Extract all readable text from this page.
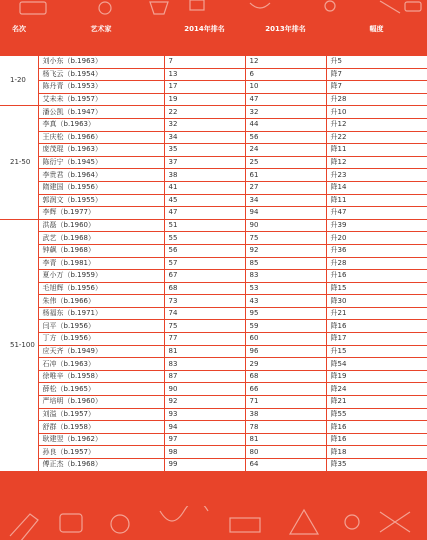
名次	艺术家	2014年排名	2013年排名	幅度

1-20	刘小东（b.1963）	7	12	升5
	杨飞云（b.1954）	13	6	降7
	陈丹青（b.1953）	17	10	降7
	艾未未（b.1957）	19	47	升28
21-50	潘公凯（b.1947）	22	32	升10
	李真（b.1963）	32	44	升12
	王庆松（b.1966）	34	56	升22
	庞茂琨（b.1963）	35	24	降11
	陈衍宁（b.1945）	37	25	降12
	李贵君（b.1964）	38	61	升23
	隋建国（b.1956）	41	27	降14
	郭润文（b.1955）	45	34	降11
	李辉（b.1977）	47	94	升47
51-100	洪磊（b.1960）	51	90	升39
	武艺（b.1968）	55	75	升20
	钟飙（b.1968）	56	92	升36
	李青（b.1981）	57	85	升28
	夏小万（b.1959）	67	83	升16
	毛旭辉（b.1956）	68	53	降15
	朱伟（b.1966）	73	43	降30
	杨福东（b.1971）	74	95	升21
	闫平（b.1956）	75	59	降16
	丁方（b.1956）	77	60	降17
	应天齐（b.1949）	81	96	升15
	石冲（b.1963）	83	29	降54
	徐唯辛（b.1958）	87	68	降19
	薛松（b.1965）	90	66	降24
	严培明（b.1960）	92	71	降21
	刘溢（b.1957）	93	38	降55
	舒群（b.1958）	94	78	降16
	耿建翌（b.1962）	97	81	降16
	孙良（b.1957）	98	80	降18
	傅正杰（b.1968）	99	64	降35
